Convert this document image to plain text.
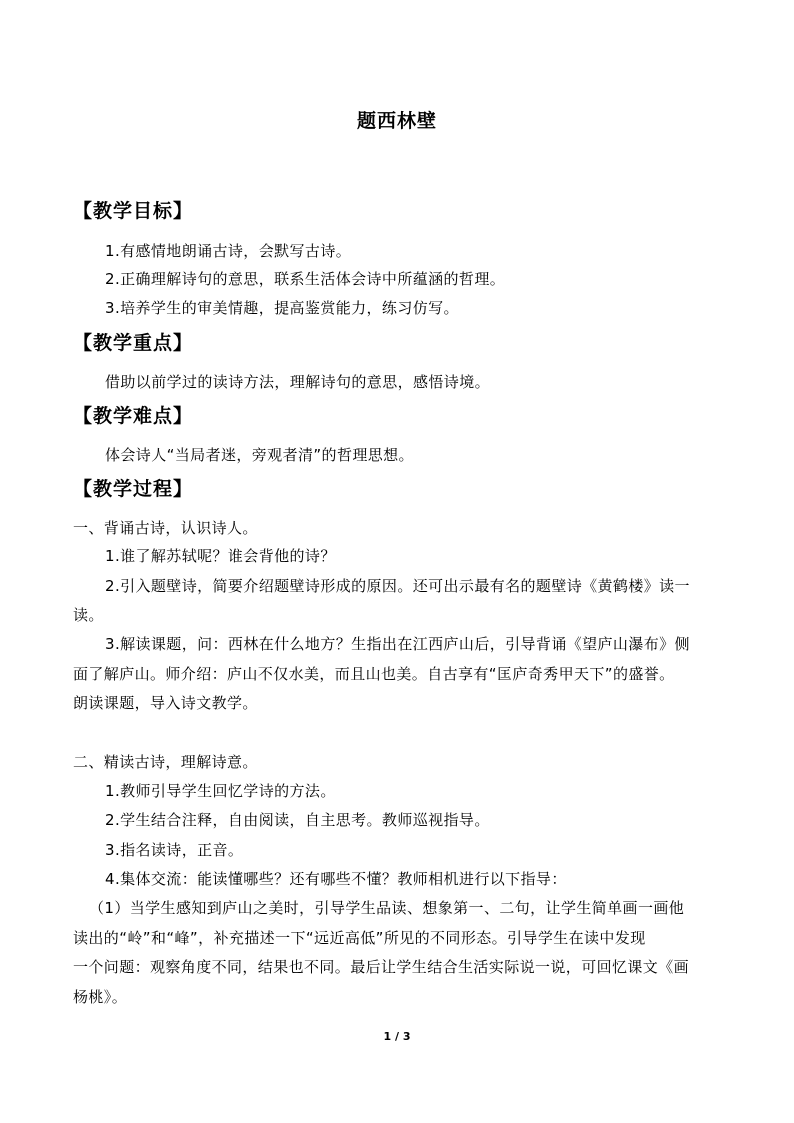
题西林壁
【教学目标】
1.有感情地朗诵古诗，会默写古诗。
2.正确理解诗句的意思，联系生活体会诗中所蕴涵的哲理。
3.培养学生的审美情趣，提高鉴赏能力，练习仿写。
【教学重点】
借助以前学过的读诗方法，理解诗句的意思，感悟诗境。
【教学难点】
体会诗人“当局者迷，旁观者清”的哲理思想。
【教学过程】
一、背诵古诗，认识诗人。
1.谁了解苏轼呢？谁会背他的诗？
2.引入题壁诗，简要介绍题壁诗形成的原因。还可出示最有名的题壁诗《黄鹤楼》读一
读。
3.解读课题，问：西林在什么地方？生指出在江西庐山后，引导背诵《望庐山瀑布》侧
面了解庐山。师介绍：庐山不仅水美，而且山也美。自古享有“匡庐奇秀甲天下”的盛誉。
朗读课题，导入诗文教学。
二、精读古诗，理解诗意。
1.教师引导学生回忆学诗的方法。
2.学生结合注释，自由阅读，自主思考。教师巡视指导。
3.指名读诗，正音。
4.集体交流：能读懂哪些？还有哪些不懂？教师相机进行以下指导：
（1）当学生感知到庐山之美时，引导学生品读、想象第一、二句，让学生简单画一画他
读出的“岭”和“峰”，补充描述一下“远近高低”所见的不同形态。引导学生在读中发现
一个问题：观察角度不同，结果也不同。最后让学生结合生活实际说一说，可回忆课文《画
杨桃》。
1 / 3
